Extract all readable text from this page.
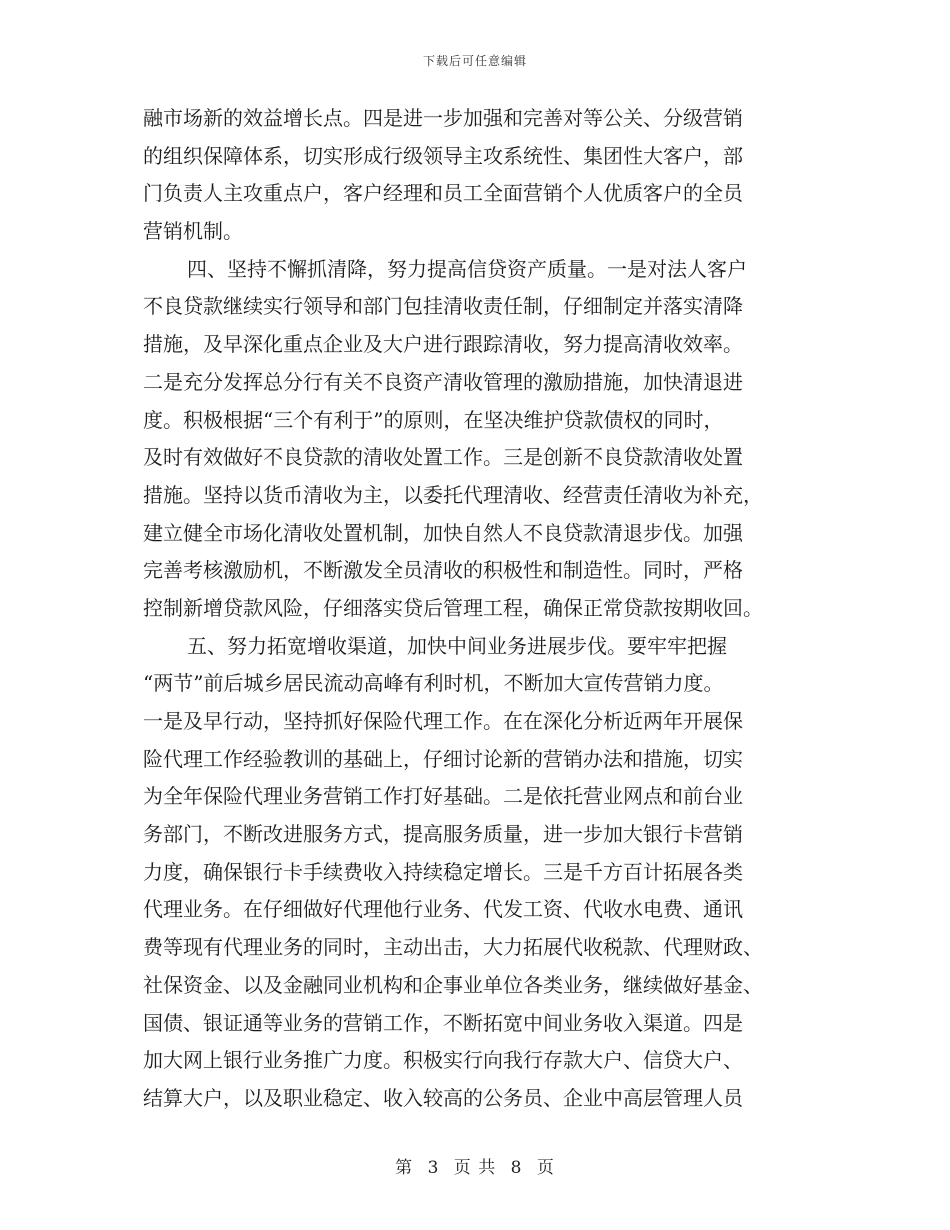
下载后可任意编辑
融市场新的效益增长点。四是进一步加强和完善对等公关、分级营销
的组织保障体系，切实形成行级领导主攻系统性、集团性大客户，部
门负责人主攻重点户，客户经理和员工全面营销个人优质客户的全员
营销机制。
四、坚持不懈抓清降，努力提高信贷资产质量。一是对法人客户
不良贷款继续实行领导和部门包挂清收责任制，仔细制定并落实清降
措施，及早深化重点企业及大户进行跟踪清收，努力提高清收效率。
二是充分发挥总分行有关不良资产清收管理的激励措施，加快清退进
度。积极根据“三个有利于”的原则，在坚决维护贷款债权的同时，
及时有效做好不良贷款的清收处置工作。三是创新不良贷款清收处置
措施。坚持以货币清收为主，以委托代理清收、经营责任清收为补充，
建立健全市场化清收处置机制，加快自然人不良贷款清退步伐。加强
完善考核激励机，不断激发全员清收的积极性和制造性。同时，严格
控制新增贷款风险，仔细落实贷后管理工程，确保正常贷款按期收回。
五、努力拓宽增收渠道，加快中间业务进展步伐。要牢牢把握
“两节”前后城乡居民流动高峰有利时机，不断加大宣传营销力度。
一是及早行动，坚持抓好保险代理工作。在在深化分析近两年开展保
险代理工作经验教训的基础上，仔细讨论新的营销办法和措施，切实
为全年保险代理业务营销工作打好基础。二是依托营业网点和前台业
务部门，不断改进服务方式，提高服务质量，进一步加大银行卡营销
力度，确保银行卡手续费收入持续稳定增长。三是千方百计拓展各类
代理业务。在仔细做好代理他行业务、代发工资、代收水电费、通讯
费等现有代理业务的同时，主动出击，大力拓展代收税款、代理财政、
社保资金、以及金融同业机构和企事业单位各类业务，继续做好基金、
国债、银证通等业务的营销工作，不断拓宽中间业务收入渠道。四是
加大网上银行业务推广力度。积极实行向我行存款大户、信贷大户、
结算大户，以及职业稳定、收入较高的公务员、企业中高层管理人员
第 3 页 共 8 页
